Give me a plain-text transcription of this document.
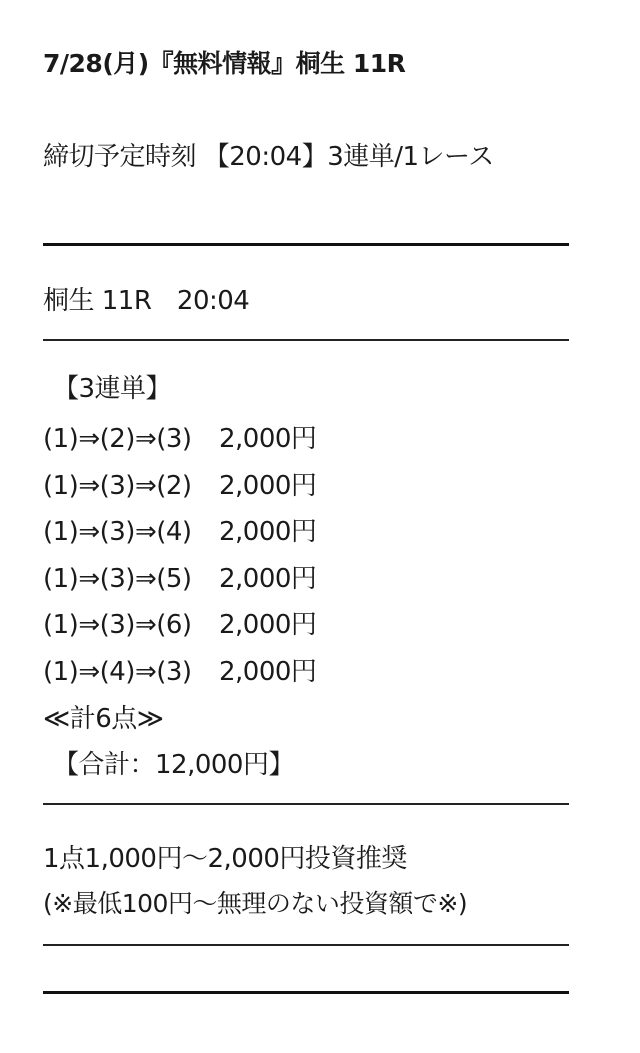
7/28(月)『無料情報』桐生 11R
締切予定時刻 【20:04】3連単/1レース
桐生 11R　20:04
【3連単】
(1)⇒(2)⇒(3) 2,000円
(1)⇒(3)⇒(2) 2,000円
(1)⇒(3)⇒(4) 2,000円
(1)⇒(3)⇒(5) 2,000円
(1)⇒(3)⇒(6) 2,000円
(1)⇒(4)⇒(3) 2,000円
≪計6点≫
【合計：12,000円】
1点1,000円〜2,000円投資推奨
(※最低100円〜無理のない投資額で※)
